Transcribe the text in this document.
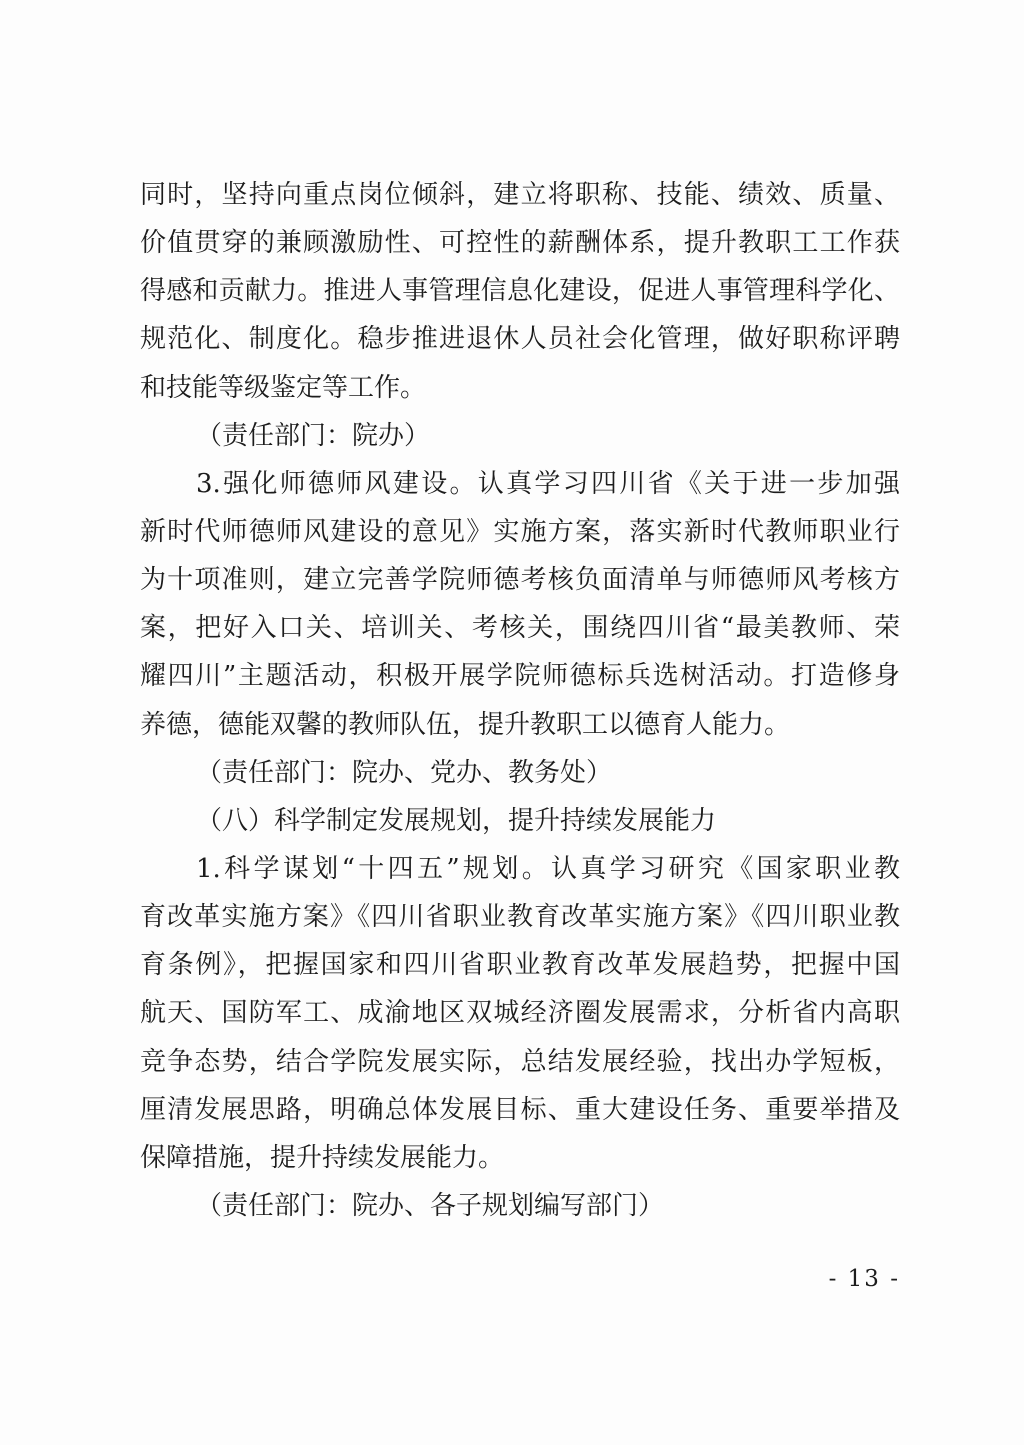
同时，坚持向重点岗位倾斜，建立将职称、技能、绩效、质量、
价值贯穿的兼顾激励性、可控性的薪酬体系，提升教职工工作获
得感和贡献力。推进人事管理信息化建设，促进人事管理科学化、
规范化、制度化。稳步推进退休人员社会化管理，做好职称评聘
和技能等级鉴定等工作。
（责任部门：院办）
3.强化师德师风建设。认真学习四川省《关于进一步加强
新时代师德师风建设的意见》实施方案，落实新时代教师职业行
为十项准则，建立完善学院师德考核负面清单与师德师风考核方
案，把好入口关、培训关、考核关，围绕四川省“最美教师、荣
耀四川”主题活动，积极开展学院师德标兵选树活动。打造修身
养德，德能双馨的教师队伍，提升教职工以德育人能力。
（责任部门：院办、党办、教务处）
（八）科学制定发展规划，提升持续发展能力
1.科学谋划“十四五”规划。认真学习研究《国家职业教
育改革实施方案》《四川省职业教育改革实施方案》《四川职业教
育条例》，把握国家和四川省职业教育改革发展趋势，把握中国
航天、国防军工、成渝地区双城经济圈发展需求，分析省内高职
竞争态势，结合学院发展实际，总结发展经验，找出办学短板，
厘清发展思路，明确总体发展目标、重大建设任务、重要举措及
保障措施，提升持续发展能力。
（责任部门：院办、各子规划编写部门）
- 13 -
